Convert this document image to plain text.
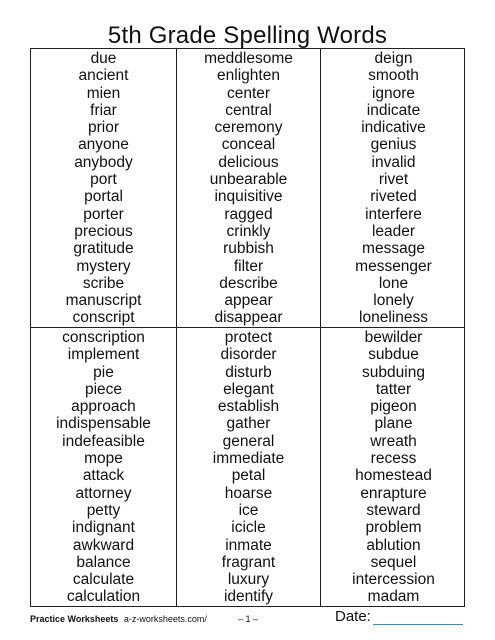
5th Grade Spelling Words
due
ancient
mien
friar
prior
anyone
anybody
port
portal
porter
precious
gratitude
mystery
scribe
manuscript
conscript
meddlesome
enlighten
center
central
ceremony
conceal
delicious
unbearable
inquisitive
ragged
crinkly
rubbish
filter
describe
appear
disappear
deign
smooth
ignore
indicate
indicative
genius
invalid
rivet
riveted
interfere
leader
message
messenger
lone
lonely
loneliness
conscription
implement
pie
piece
approach
indispensable
indefeasible
mope
attack
attorney
petty
indignant
awkward
balance
calculate
calculation
protect
disorder
disturb
elegant
establish
gather
general
immediate
petal
hoarse
ice
icicle
inmate
fragrant
luxury
identify
bewilder
subdue
subduing
tatter
pigeon
plane
wreath
recess
homestead
enrapture
steward
problem
ablution
sequel
intercession
madam
Practice Worksheets a-z-worksheets.com/	– 1 –	Date:
